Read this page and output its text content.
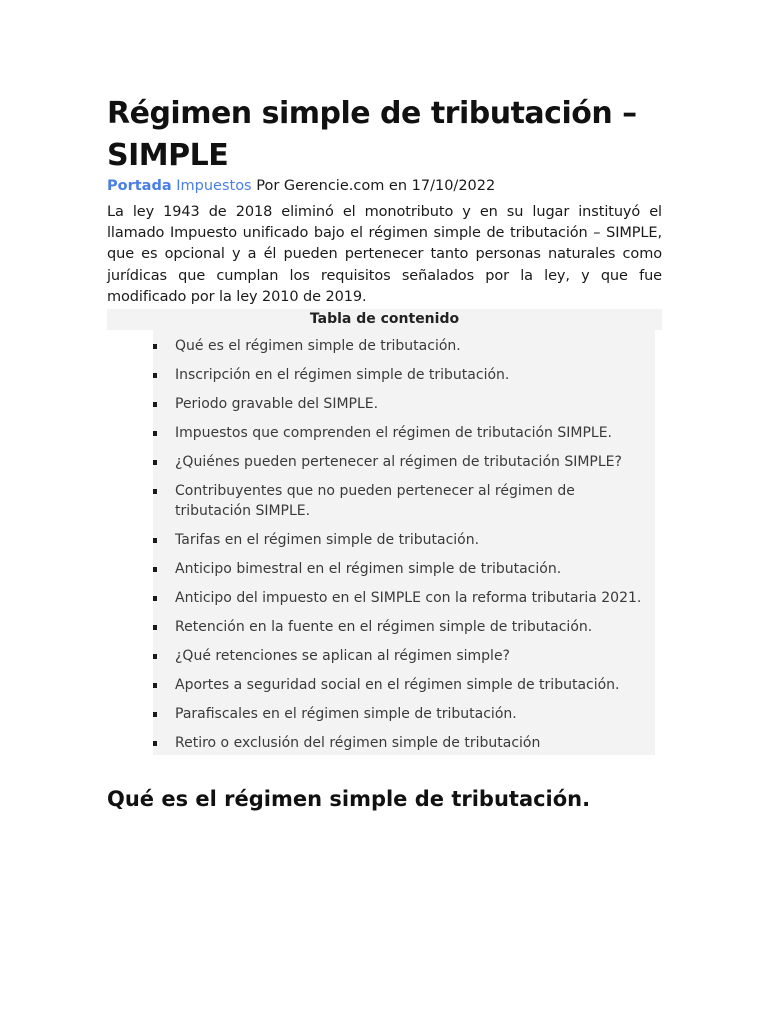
Régimen simple de tributación – SIMPLE
Portada Impuestos Por Gerencie.com en 17/10/2022

La ley 1943 de 2018 eliminó el monotributo y en su lugar instituyó el llamado Impuesto unificado bajo el régimen simple de tributación – SIMPLE, que es opcional y a él pueden pertenecer tanto personas naturales como jurídicas que cumplan los requisitos señalados por la ley, y que fue modificado por la ley 2010 de 2019.

Tabla de contenido
Qué es el régimen simple de tributación.
Inscripción en el régimen simple de tributación.
Periodo gravable del SIMPLE.
Impuestos que comprenden el régimen de tributación SIMPLE.
¿Quiénes pueden pertenecer al régimen de tributación SIMPLE?
Contribuyentes que no pueden pertenecer al régimen de tributación SIMPLE.
Tarifas en el régimen simple de tributación.
Anticipo bimestral en el régimen simple de tributación.
Anticipo del impuesto en el SIMPLE con la reforma tributaria 2021.
Retención en la fuente en el régimen simple de tributación.
¿Qué retenciones se aplican al régimen simple?
Aportes a seguridad social en el régimen simple de tributación.
Parafiscales en el régimen simple de tributación.
Retiro o exclusión del régimen simple de tributación
Qué es el régimen simple de tributación.
